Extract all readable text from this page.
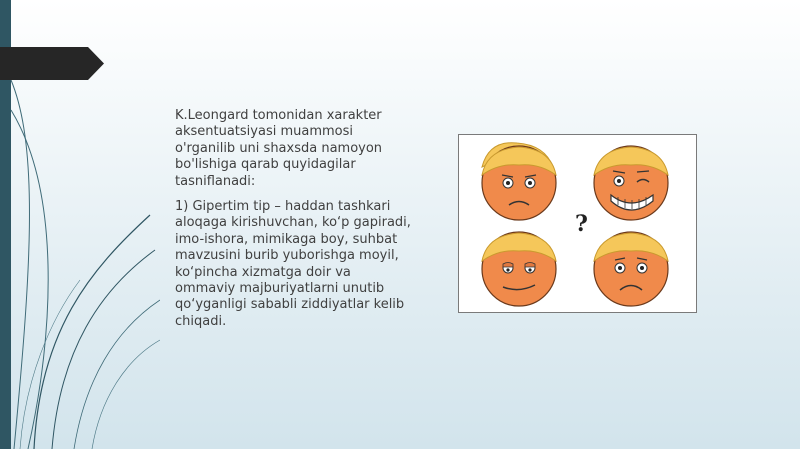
K.Leongard tomonidan xarakter aksentuatsiyasi muammosi o'rganilib uni shaxsda namoyon bo'lishiga qarab quyidagilar tasniflanadi:

1) Gipertim tip – haddan tashkari aloqaga kirishuvchan, ko‘p gapiradi, imo-ishora, mimikaga boy, suhbat mavzusini burib yuborishga moyil, ko‘pincha xizmatga doir va ommaviy majburiyatlarni unutib qo‘yganligi sababli ziddiyatlar kelib chiqadi.

?
